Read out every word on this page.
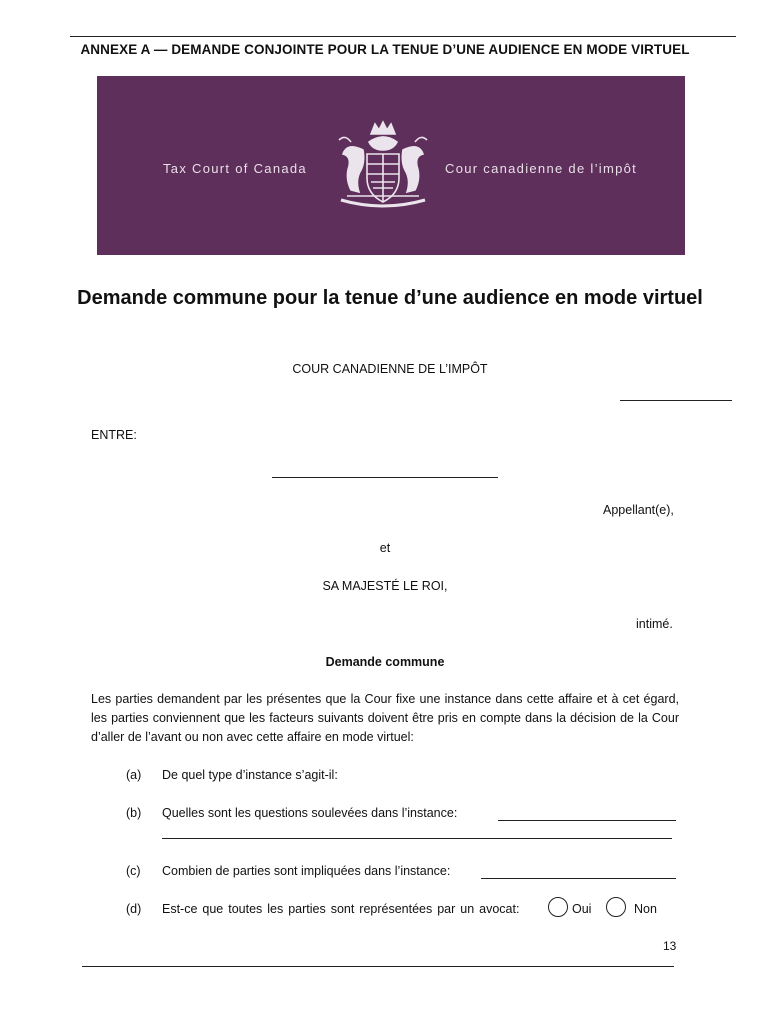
ANNEXE A — DEMANDE CONJOINTE POUR LA TENUE D’UNE AUDIENCE EN MODE VIRTUEL
Tax Court of Canada	Cour canadienne de l’impôt
Demande commune pour la tenue d’une audience en mode virtuel
COUR CANADIENNE DE L’IMPÔT
ENTRE:
Appellant(e),
et
SA MAJESTÉ LE ROI,
intimé.
Demande commune
Les parties demandent par les présentes que la Cour fixe une instance dans cette affaire et à cet égard, les parties conviennent que les facteurs suivants doivent être pris en compte dans la décision de la Cour d’aller de l’avant ou non avec cette affaire en mode virtuel:
(a) De quel type d’instance s’agit-il:
(b) Quelles sont les questions soulevées dans l’instance:
(c) Combien de parties sont impliquées dans l’instance:
(d) Est-ce que toutes les parties sont représentées par un avocat:	Oui	Non
13
